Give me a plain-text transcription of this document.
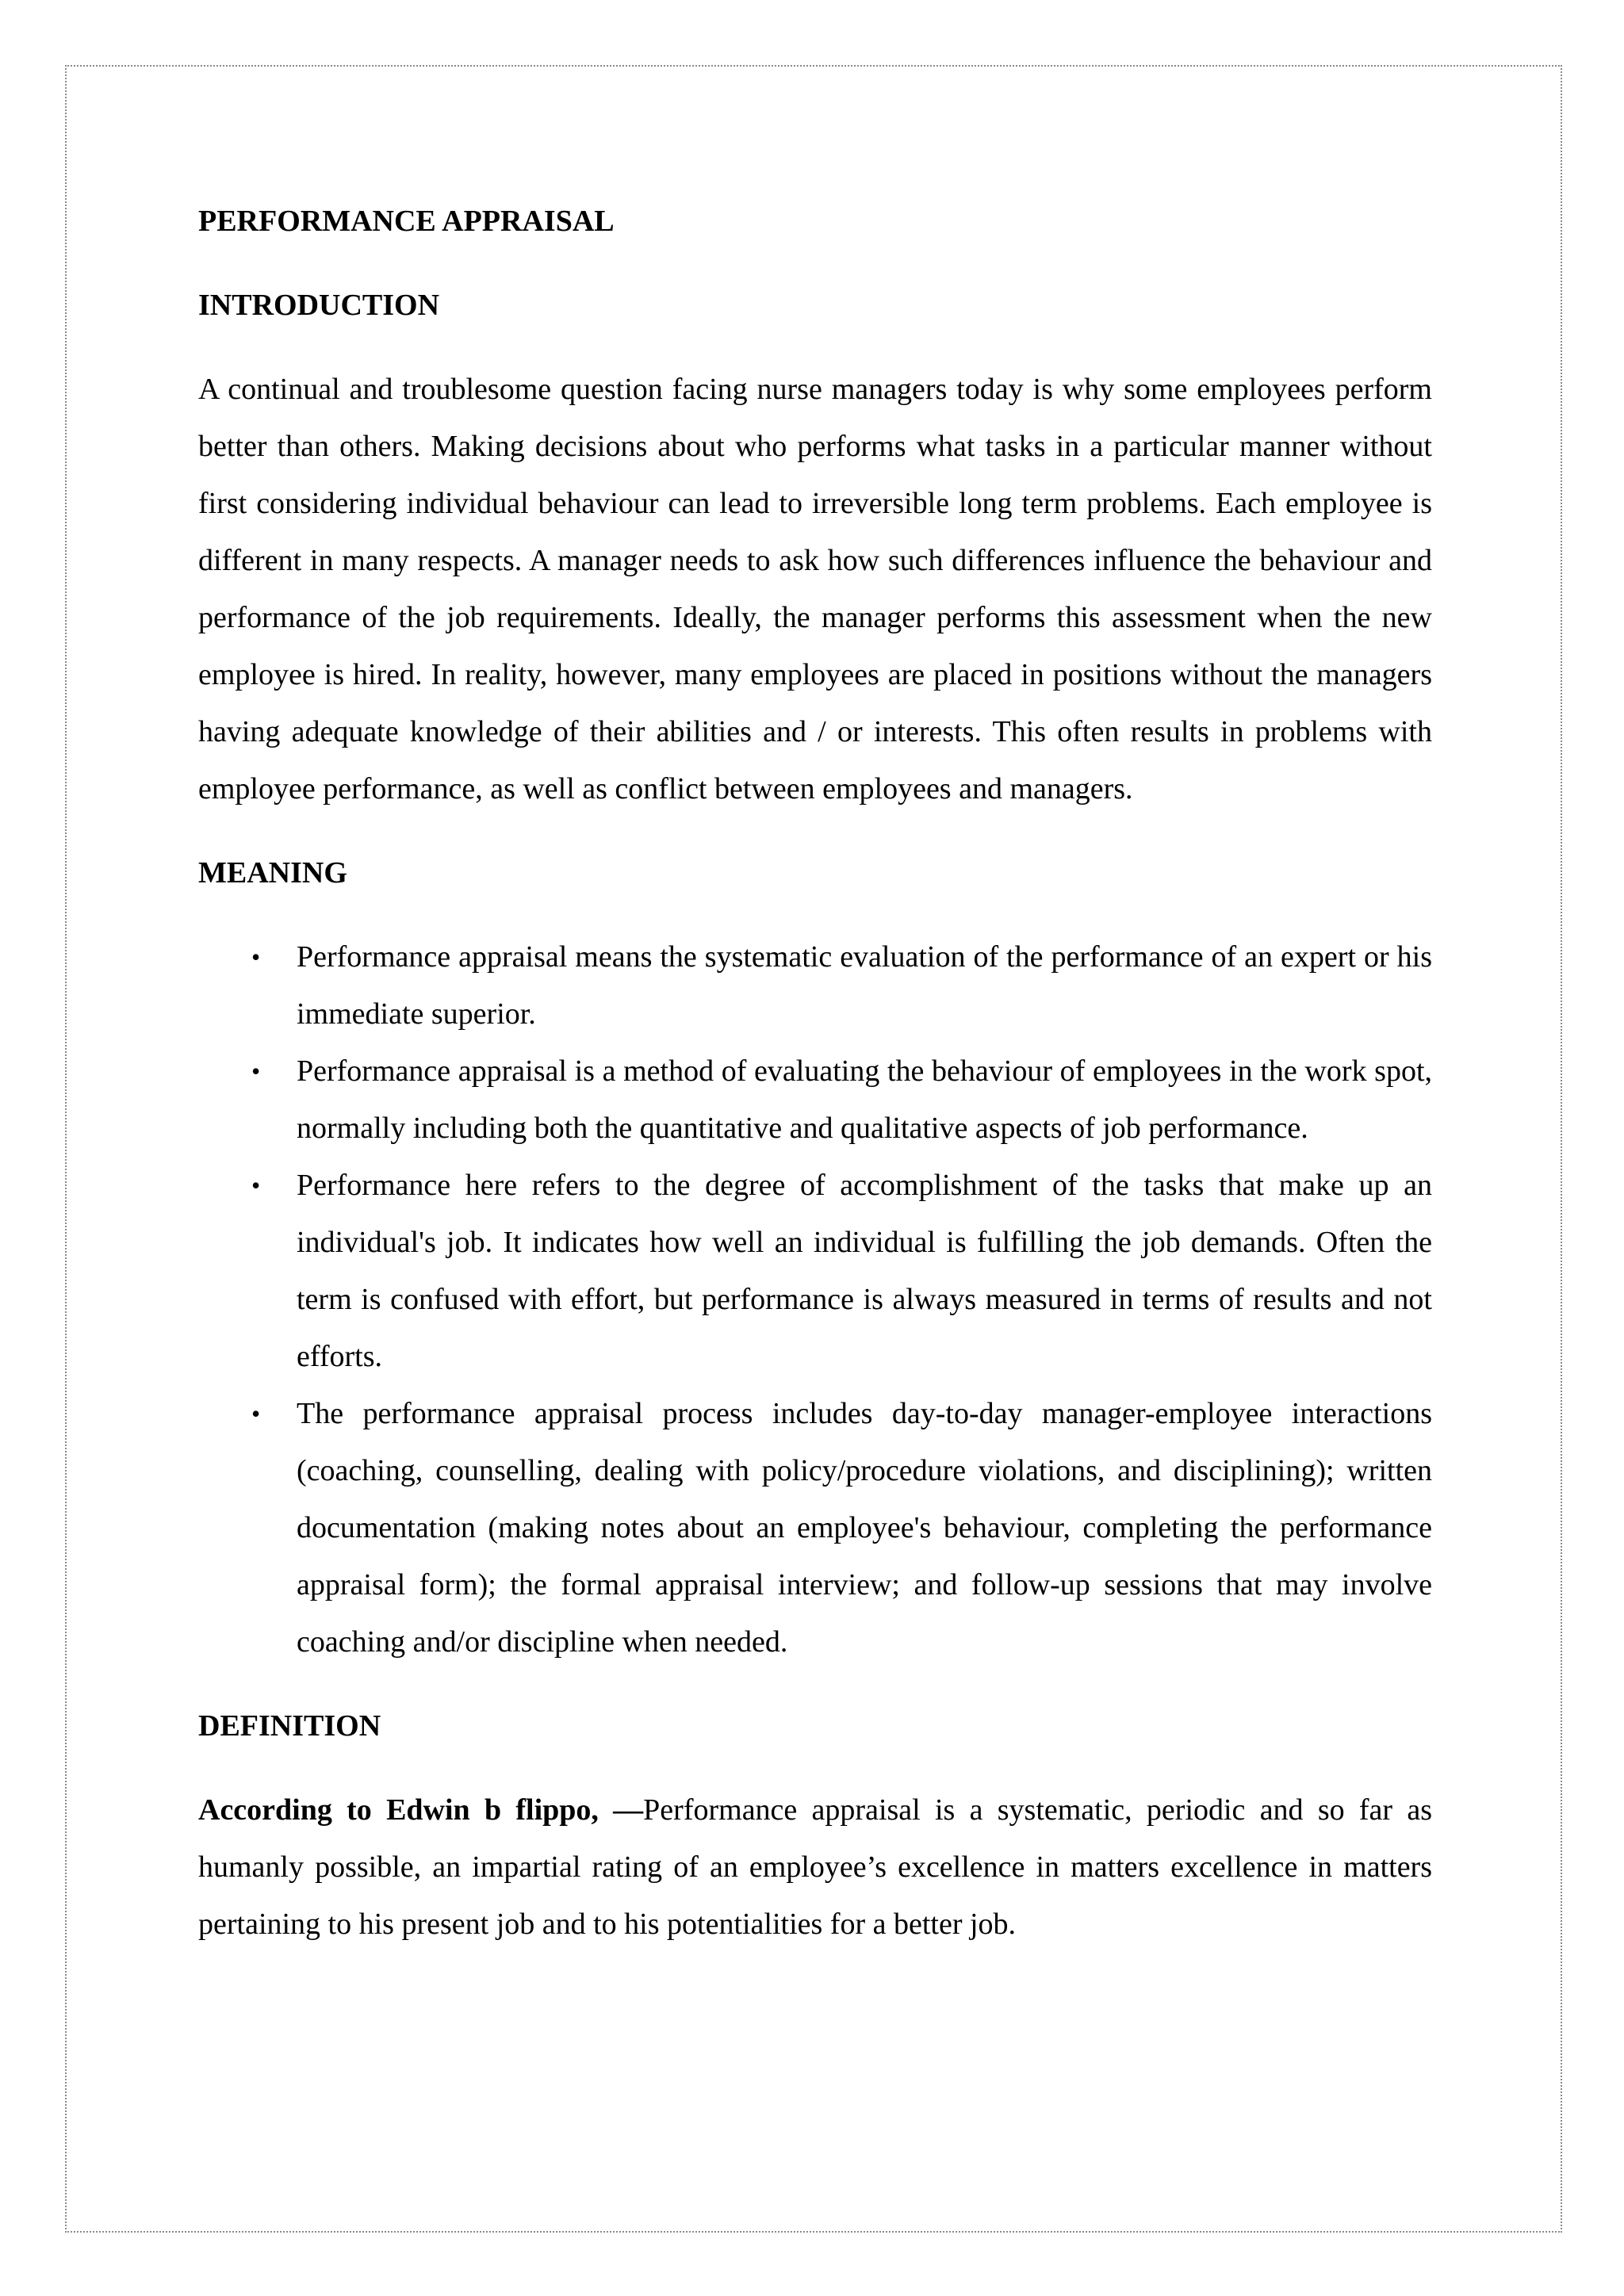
PERFORMANCE APPRAISAL
INTRODUCTION

A continual and troublesome question facing nurse managers today is why some employees perform better than others. Making decisions about who performs what tasks in a particular manner without first considering individual behaviour can lead to irreversible long term problems. Each employee is different in many respects. A manager needs to ask how such differences influence the behaviour and performance of the job requirements. Ideally, the manager performs this assessment when the new employee is hired. In reality, however, many employees are placed in positions without the managers having adequate knowledge of their abilities and / or interests. This often results in problems with employee performance, as well as conflict between employees and managers.

MEANING
• Performance appraisal means the systematic evaluation of the performance of an expert or his immediate superior.
• Performance appraisal is a method of evaluating the behaviour of employees in the work spot, normally including both the quantitative and qualitative aspects of job performance.
• Performance here refers to the degree of accomplishment of the tasks that make up an individual's job. It indicates how well an individual is fulfilling the job demands. Often the term is confused with effort, but performance is always measured in terms of results and not efforts.
• The performance appraisal process includes day-to-day manager-employee interactions (coaching, counselling, dealing with policy/procedure violations, and disciplining); written documentation (making notes about an employee's behaviour, completing the performance appraisal form); the formal appraisal interview; and follow-up sessions that may involve coaching and/or discipline when needed.
DEFINITION

According to Edwin b flippo, ―Performance appraisal is a systematic, periodic and so far as humanly possible, an impartial rating of an employee’s excellence in matters excellence in matters pertaining to his present job and to his potentialities for a better job.
